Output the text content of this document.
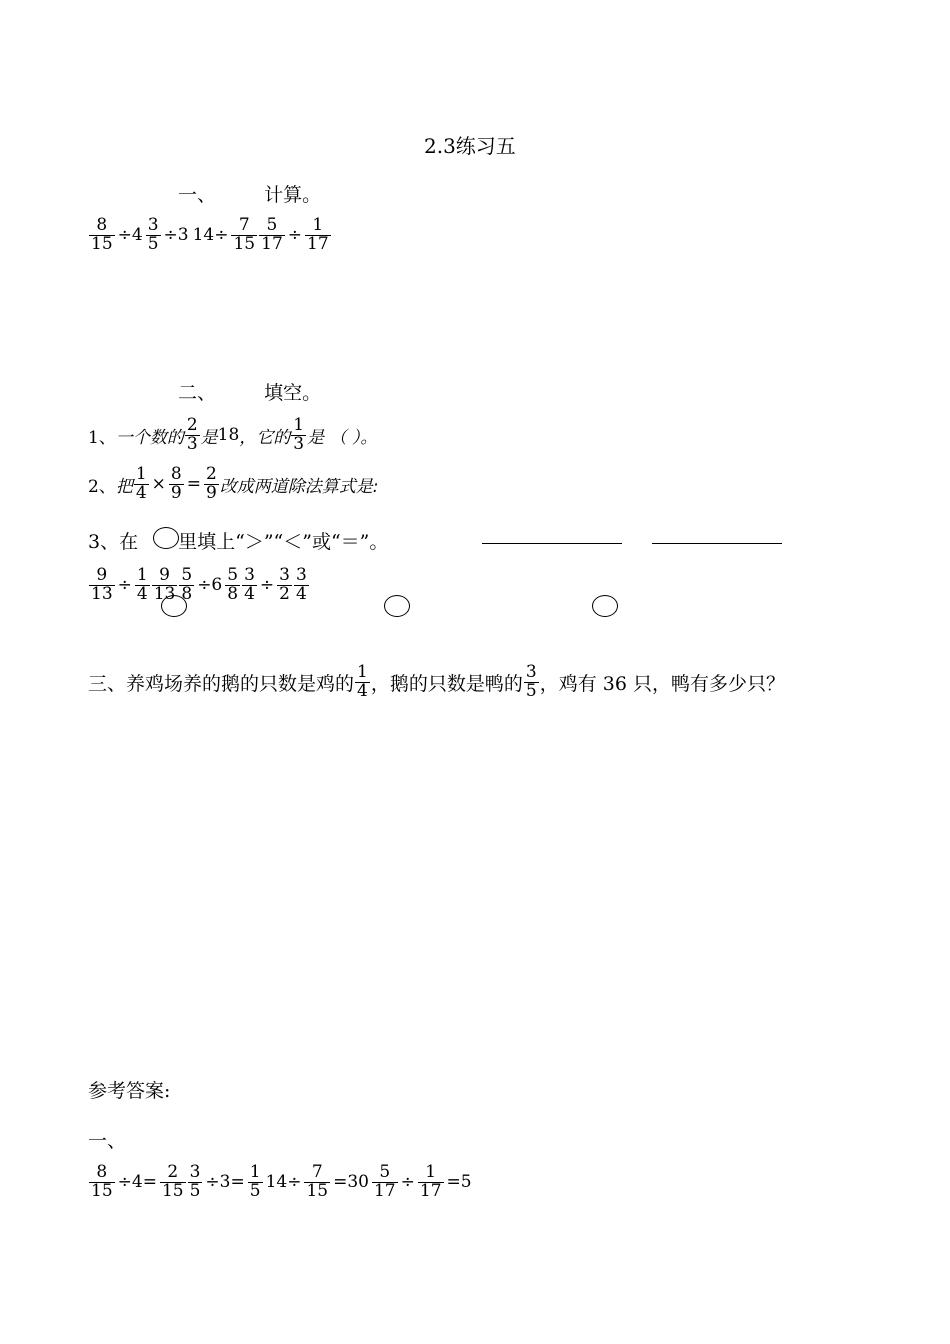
2.3练习五
一、	计算。
$\frac{8}{15} \div 4 \frac{3}{5} \div 3$ $14\div \frac{7}{15} \frac{5}{17} \div \frac{1}{17}$
二、	填空。
1、 一个数的 $\frac{2}{3}$ 是 18 ，它的 $\frac{1}{3}$ 是 （ ）。
2、 把 $\frac{1}{4} \times \frac{8}{9} = \frac{2}{9}$ 改成两道除法算式是:
3、在 里填上“＞”“＜”或“＝”。
$\frac{9}{13} \div \frac{1}{4} \frac{9}{13} \frac{5}{8} \div 6 \frac{5}{8} \frac{3}{4} \div \frac{3}{2} \frac{3}{4}$
三、养鸡场养的鹅的只数是鸡的 $\frac{1}{4}$ ，鹅的只数是鸭的 $\frac{3}{5}$ ，鸡有 36 只，鸭有多少只？
参考答案:
一、
$\frac{8}{15} \div 4= \frac{2}{15} \frac{3}{5} \div 3= \frac{1}{5} 14\div \frac{7}{15} =30 \frac{5}{17} \div \frac{1}{17} =5$
